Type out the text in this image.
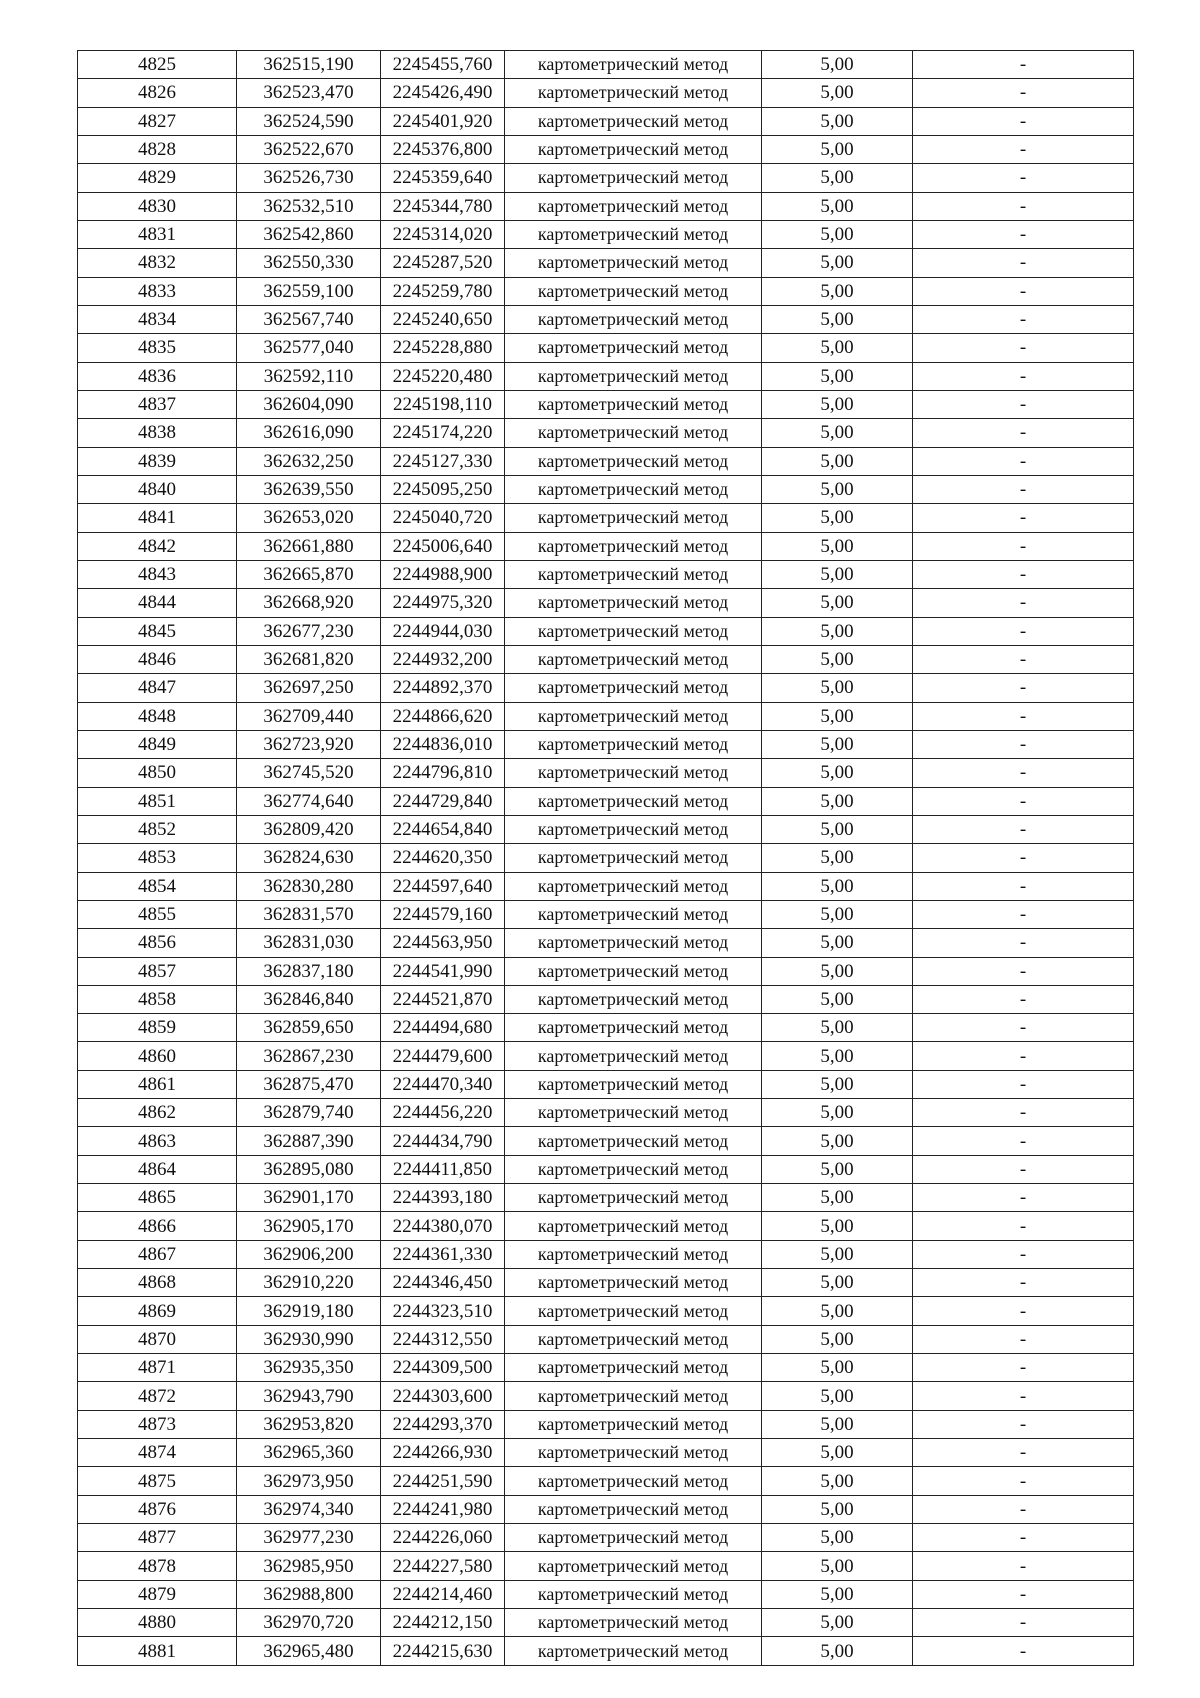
4825	362515,190	2245455,760	картометрический метод	5,00	-
4826	362523,470	2245426,490	картометрический метод	5,00	-
4827	362524,590	2245401,920	картометрический метод	5,00	-
4828	362522,670	2245376,800	картометрический метод	5,00	-
4829	362526,730	2245359,640	картометрический метод	5,00	-
4830	362532,510	2245344,780	картометрический метод	5,00	-
4831	362542,860	2245314,020	картометрический метод	5,00	-
4832	362550,330	2245287,520	картометрический метод	5,00	-
4833	362559,100	2245259,780	картометрический метод	5,00	-
4834	362567,740	2245240,650	картометрический метод	5,00	-
4835	362577,040	2245228,880	картометрический метод	5,00	-
4836	362592,110	2245220,480	картометрический метод	5,00	-
4837	362604,090	2245198,110	картометрический метод	5,00	-
4838	362616,090	2245174,220	картометрический метод	5,00	-
4839	362632,250	2245127,330	картометрический метод	5,00	-
4840	362639,550	2245095,250	картометрический метод	5,00	-
4841	362653,020	2245040,720	картометрический метод	5,00	-
4842	362661,880	2245006,640	картометрический метод	5,00	-
4843	362665,870	2244988,900	картометрический метод	5,00	-
4844	362668,920	2244975,320	картометрический метод	5,00	-
4845	362677,230	2244944,030	картометрический метод	5,00	-
4846	362681,820	2244932,200	картометрический метод	5,00	-
4847	362697,250	2244892,370	картометрический метод	5,00	-
4848	362709,440	2244866,620	картометрический метод	5,00	-
4849	362723,920	2244836,010	картометрический метод	5,00	-
4850	362745,520	2244796,810	картометрический метод	5,00	-
4851	362774,640	2244729,840	картометрический метод	5,00	-
4852	362809,420	2244654,840	картометрический метод	5,00	-
4853	362824,630	2244620,350	картометрический метод	5,00	-
4854	362830,280	2244597,640	картометрический метод	5,00	-
4855	362831,570	2244579,160	картометрический метод	5,00	-
4856	362831,030	2244563,950	картометрический метод	5,00	-
4857	362837,180	2244541,990	картометрический метод	5,00	-
4858	362846,840	2244521,870	картометрический метод	5,00	-
4859	362859,650	2244494,680	картометрический метод	5,00	-
4860	362867,230	2244479,600	картометрический метод	5,00	-
4861	362875,470	2244470,340	картометрический метод	5,00	-
4862	362879,740	2244456,220	картометрический метод	5,00	-
4863	362887,390	2244434,790	картометрический метод	5,00	-
4864	362895,080	2244411,850	картометрический метод	5,00	-
4865	362901,170	2244393,180	картометрический метод	5,00	-
4866	362905,170	2244380,070	картометрический метод	5,00	-
4867	362906,200	2244361,330	картометрический метод	5,00	-
4868	362910,220	2244346,450	картометрический метод	5,00	-
4869	362919,180	2244323,510	картометрический метод	5,00	-
4870	362930,990	2244312,550	картометрический метод	5,00	-
4871	362935,350	2244309,500	картометрический метод	5,00	-
4872	362943,790	2244303,600	картометрический метод	5,00	-
4873	362953,820	2244293,370	картометрический метод	5,00	-
4874	362965,360	2244266,930	картометрический метод	5,00	-
4875	362973,950	2244251,590	картометрический метод	5,00	-
4876	362974,340	2244241,980	картометрический метод	5,00	-
4877	362977,230	2244226,060	картометрический метод	5,00	-
4878	362985,950	2244227,580	картометрический метод	5,00	-
4879	362988,800	2244214,460	картометрический метод	5,00	-
4880	362970,720	2244212,150	картометрический метод	5,00	-
4881	362965,480	2244215,630	картометрический метод	5,00	-
